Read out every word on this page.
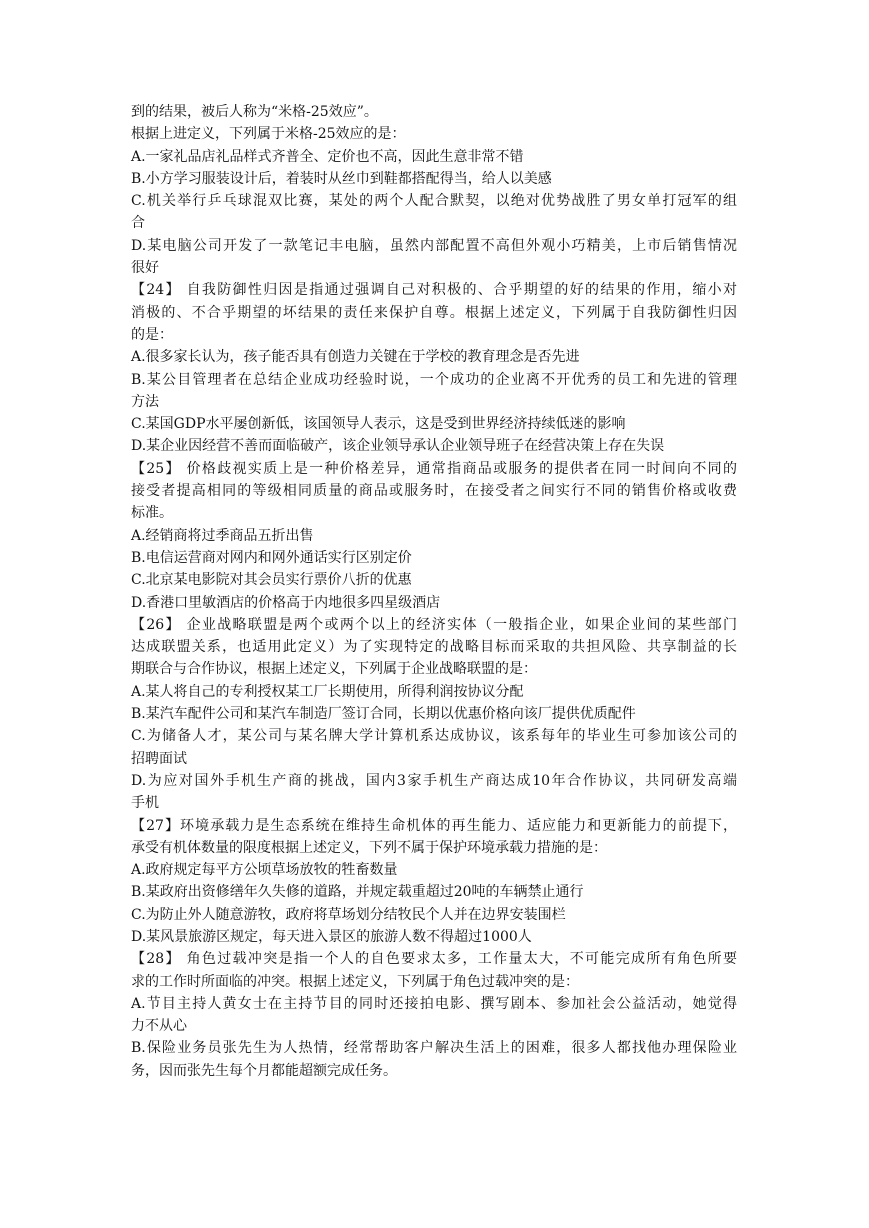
到的结果，被后人称为“米格-25效应”。
根据上进定义，下列属于米格-25效应的是：
A.一家礼品店礼品样式齐普全、定价也不高，因此生意非常不错
B.小方学习服装设计后，着装时从丝巾到鞋都搭配得当，给人以美感
C.机关举行乒乓球混双比赛，某处的两个人配合默契，以绝对优势战胜了男女单打冠军的组
合
D.某电脑公司开发了一款笔记丰电脑，虽然内部配置不高但外观小巧精美，上市后销售情况
很好
【24】 自我防御性归因是指通过强调自己对积极的、合乎期望的好的结果的作用，缩小对
消极的、不合乎期望的坏结果的责任来保护自尊。根据上述定义，下列属于自我防御性归因
的是：
A.很多家长认为，孩子能否具有创造力关键在于学校的教育理念是否先进
B.某公目管理者在总结企业成功经验时说，一个成功的企业离不开优秀的员工和先进的管理
方法
C.某国GDP水平屡创新低，该国领导人表示，这是受到世界经济持续低迷的影响
D.某企业因经营不善而面临破产，该企业领导承认企业领导班子在经营决策上存在失误
【25】 价格歧视实质上是一种价格差异，通常指商品或服务的提供者在同一时间向不同的
接受者提高相同的等级相同质量的商品或服务时，在接受者之间实行不同的销售价格或收费
标准。
A.经销商将过季商品五折出售
B.电信运营商对网内和网外通话实行区别定价
C.北京某电影院对其会员实行票价八折的优惠
D.香港口里敏酒店的价格高于内地很多四星级酒店
【26】 企业战略联盟是两个或两个以上的经济实体（一般指企业，如果企业间的某些部门
达成联盟关系，也适用此定义）为了实现特定的战略目标而采取的共担风险、共享制益的长
期联合与合作协议，根据上述定义，下列属于企业战略联盟的是：
A.某人将自己的专利授权某工厂长期使用，所得利润按协议分配
B.某汽车配件公司和某汽车制造厂签订合同，长期以优惠价格向该厂提供优质配件
C.为储备人才，某公司与某名牌大学计算机系达成协议，该系每年的毕业生可参加该公司的
招聘面试
D.为应对国外手机生产商的挑战，国内3家手机生产商达成10年合作协议，共同研发高端
手机
【27】环境承载力是生态系统在维持生命机体的再生能力、适应能力和更新能力的前提下，
承受有机体数量的限度根据上述定义，下列不属于保护环境承载力措施的是：
A.政府规定每平方公顷草场放牧的牲畜数量
B.某政府出资修缮年久失修的道路，并规定载重超过20吨的车辆禁止通行
C.为防止外人随意游牧，政府将草场划分结牧民个人并在边界安装围栏
D.某风景旅游区规定，每天进入景区的旅游人数不得超过1000人
【28】 角色过载冲突是指一个人的自色要求太多，工作量太大，不可能完成所有角色所要
求的工作时所面临的冲突。根据上述定义，下列属于角色过载冲突的是：
A.节目主持人黄女士在主持节目的同时还接拍电影、撰写剧本、参加社会公益活动，她觉得
力不从心
B.保险业务员张先生为人热情，经常帮助客户解决生活上的困难，很多人都找他办理保险业
务，因而张先生每个月都能超额完成任务。
